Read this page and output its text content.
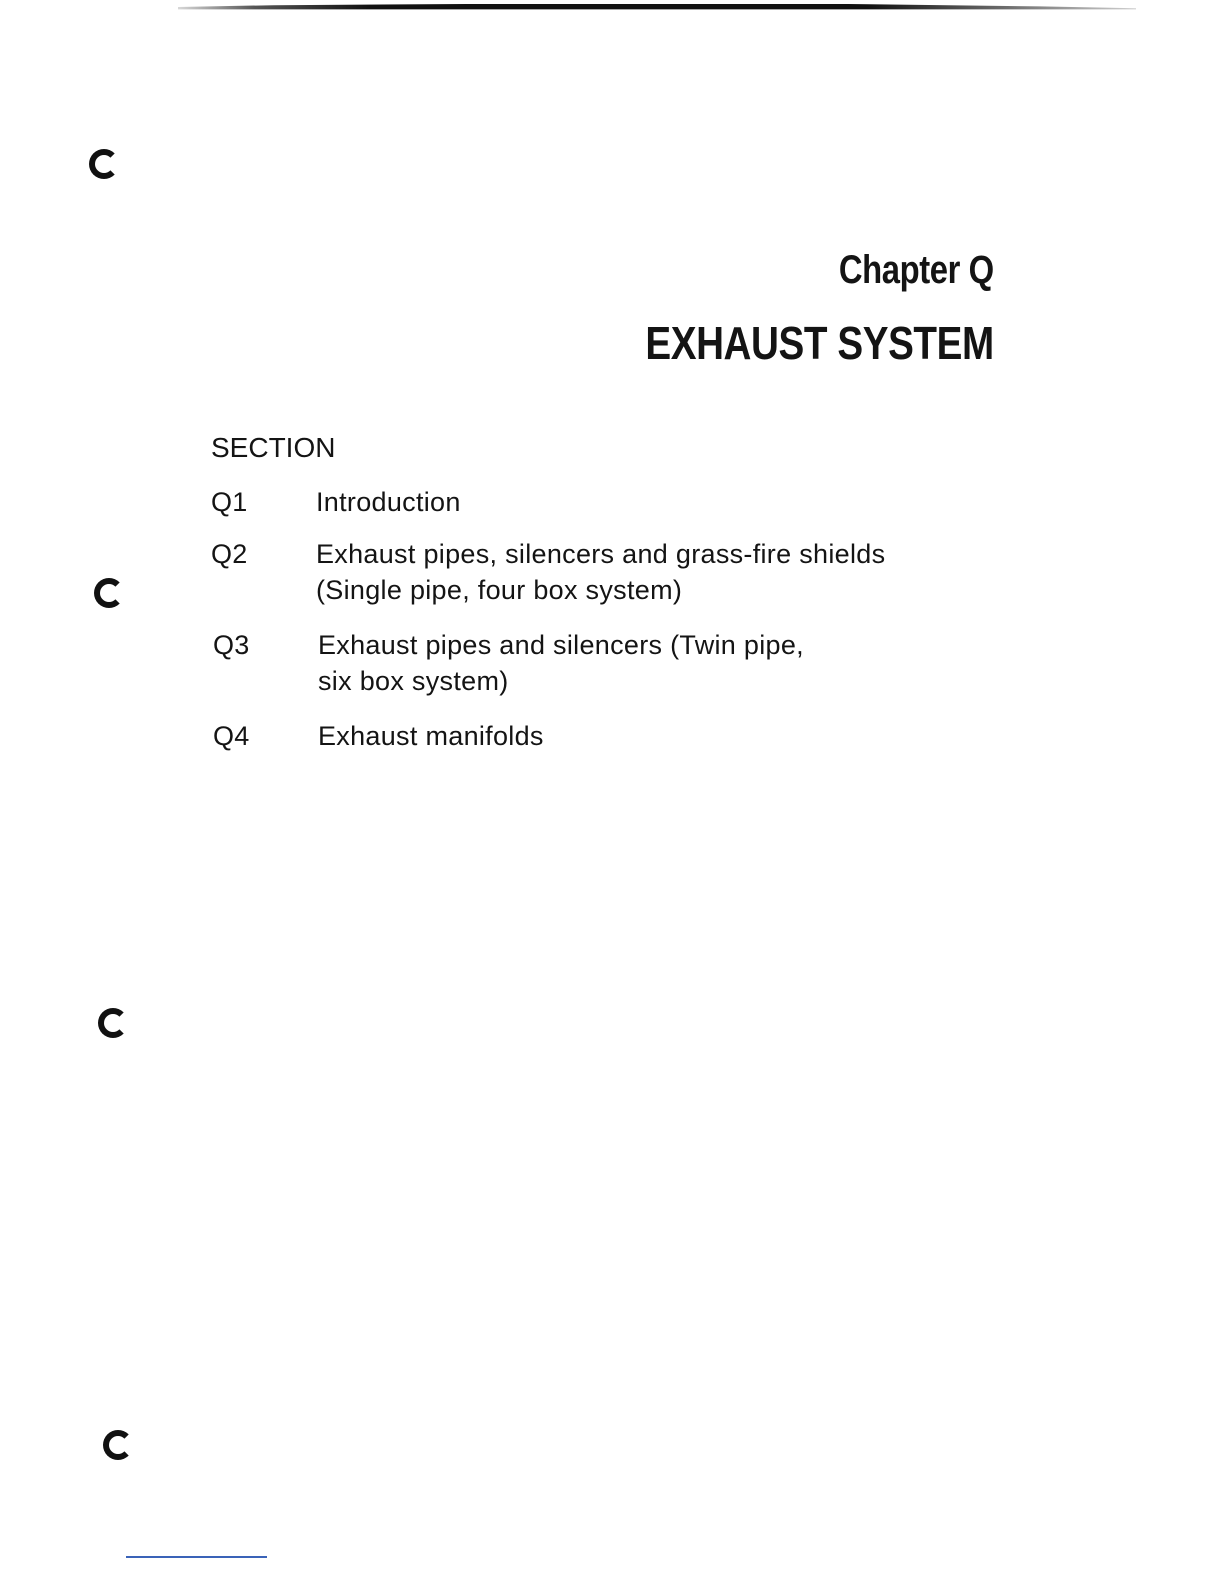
Chapter Q
EXHAUST SYSTEM
SECTION
Q1	Introduction
Q2	Exhaust pipes, silencers and grass-fire shields
(Single pipe, four box system)
Q3	Exhaust pipes and silencers (Twin pipe,
six box system)
Q4	Exhaust manifolds
